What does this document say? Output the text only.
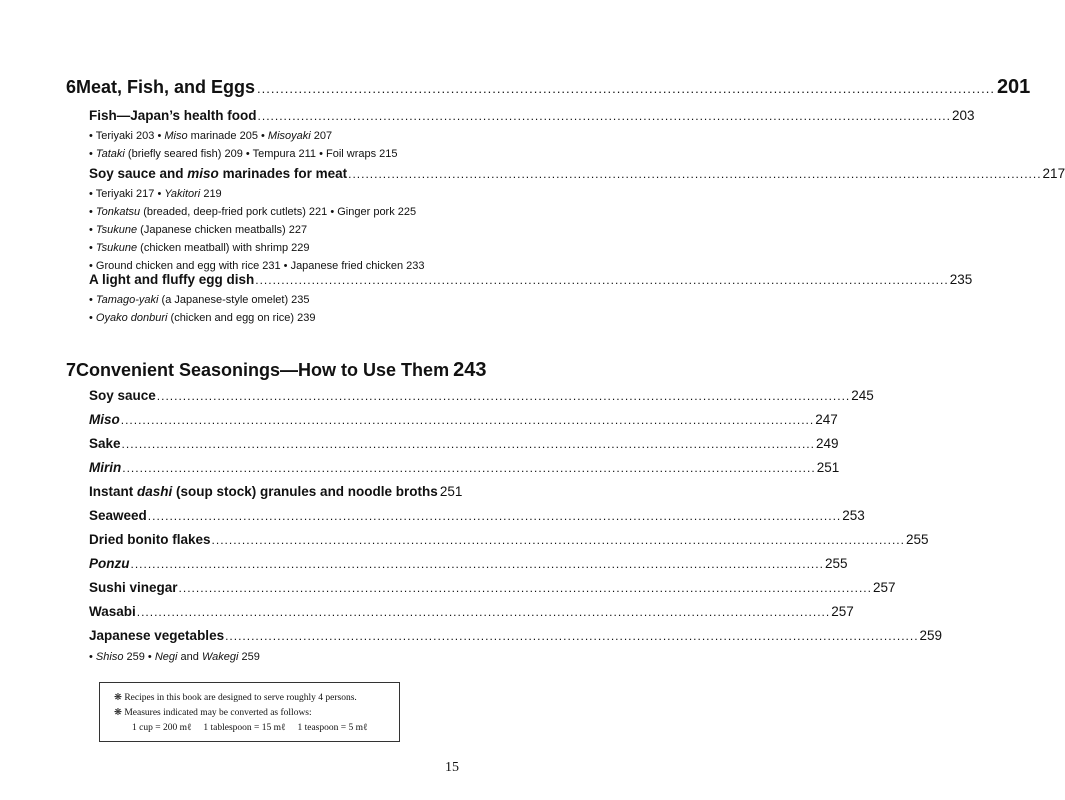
6 Meat, Fish, and Eggs .....	201
Fish—Japan’s health food .....	203
• Teriyaki 203 • Miso marinade 205 • Misoyaki 207
• Tataki (briefly seared fish) 209 • Tempura 211 • Foil wraps 215
Soy sauce and miso marinades for meat .....	217
• Teriyaki 217 • Yakitori 219
• Tonkatsu (breaded, deep-fried pork cutlets) 221 • Ginger pork 225
• Tsukune (Japanese chicken meatballs) 227
• Tsukune (chicken meatball) with shrimp 229
• Ground chicken and egg with rice 231 • Japanese fried chicken 233
A light and fluffy egg dish .....	235
• Tamago-yaki (a Japanese-style omelet) 235
• Oyako donburi (chicken and egg on rice) 239
7 Convenient Seasonings—How to Use Them 243
Soy sauce .....	245
Miso .....	247
Sake .....	249
Mirin .....	251
Instant dashi (soup stock) granules and noodle broths 251
Seaweed .....	253
Dried bonito flakes .....	255
Ponzu .....	255
Sushi vinegar .....	257
Wasabi .....	257
Japanese vegetables .....	259
• Shiso 259 • Negi and Wakegi 259
❋ Recipes in this book are designed to serve roughly 4 persons.
❋ Measures indicated may be converted as follows:
1 cup = 200 mℓ 1 tablespoon = 15 mℓ 1 teaspoon = 5 mℓ
15
